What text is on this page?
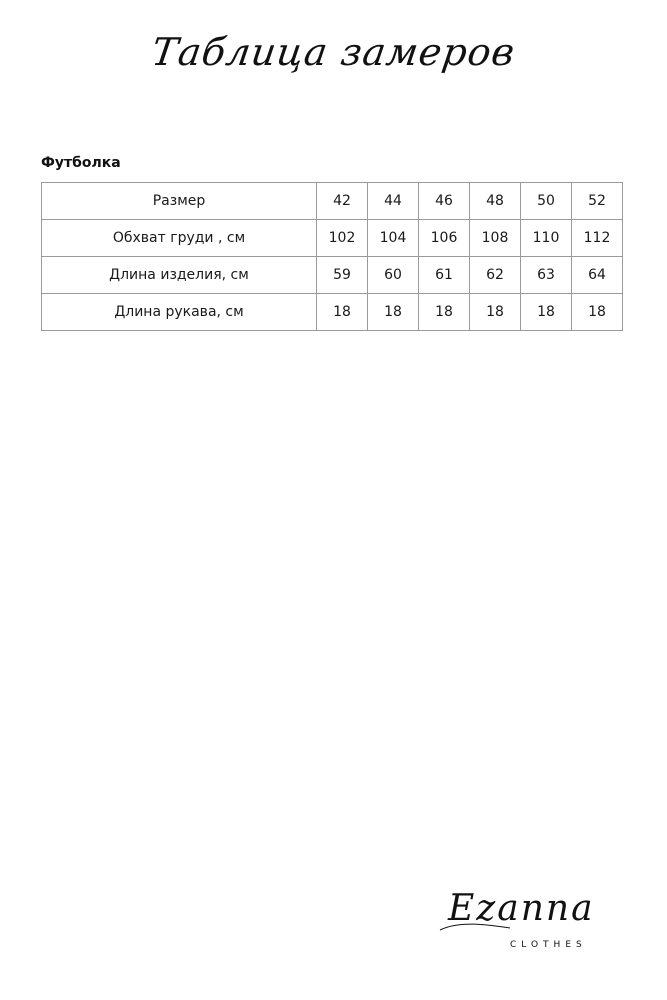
Таблица замеров
Футболка
Размер	42	44	46	48	50	52
Обхват груди , см	102	104	106	108	110	112
Длина изделия, см	59	60	61	62	63	64
Длина рукава, см	18	18	18	18	18	18
Ezanna
CLOTHES
